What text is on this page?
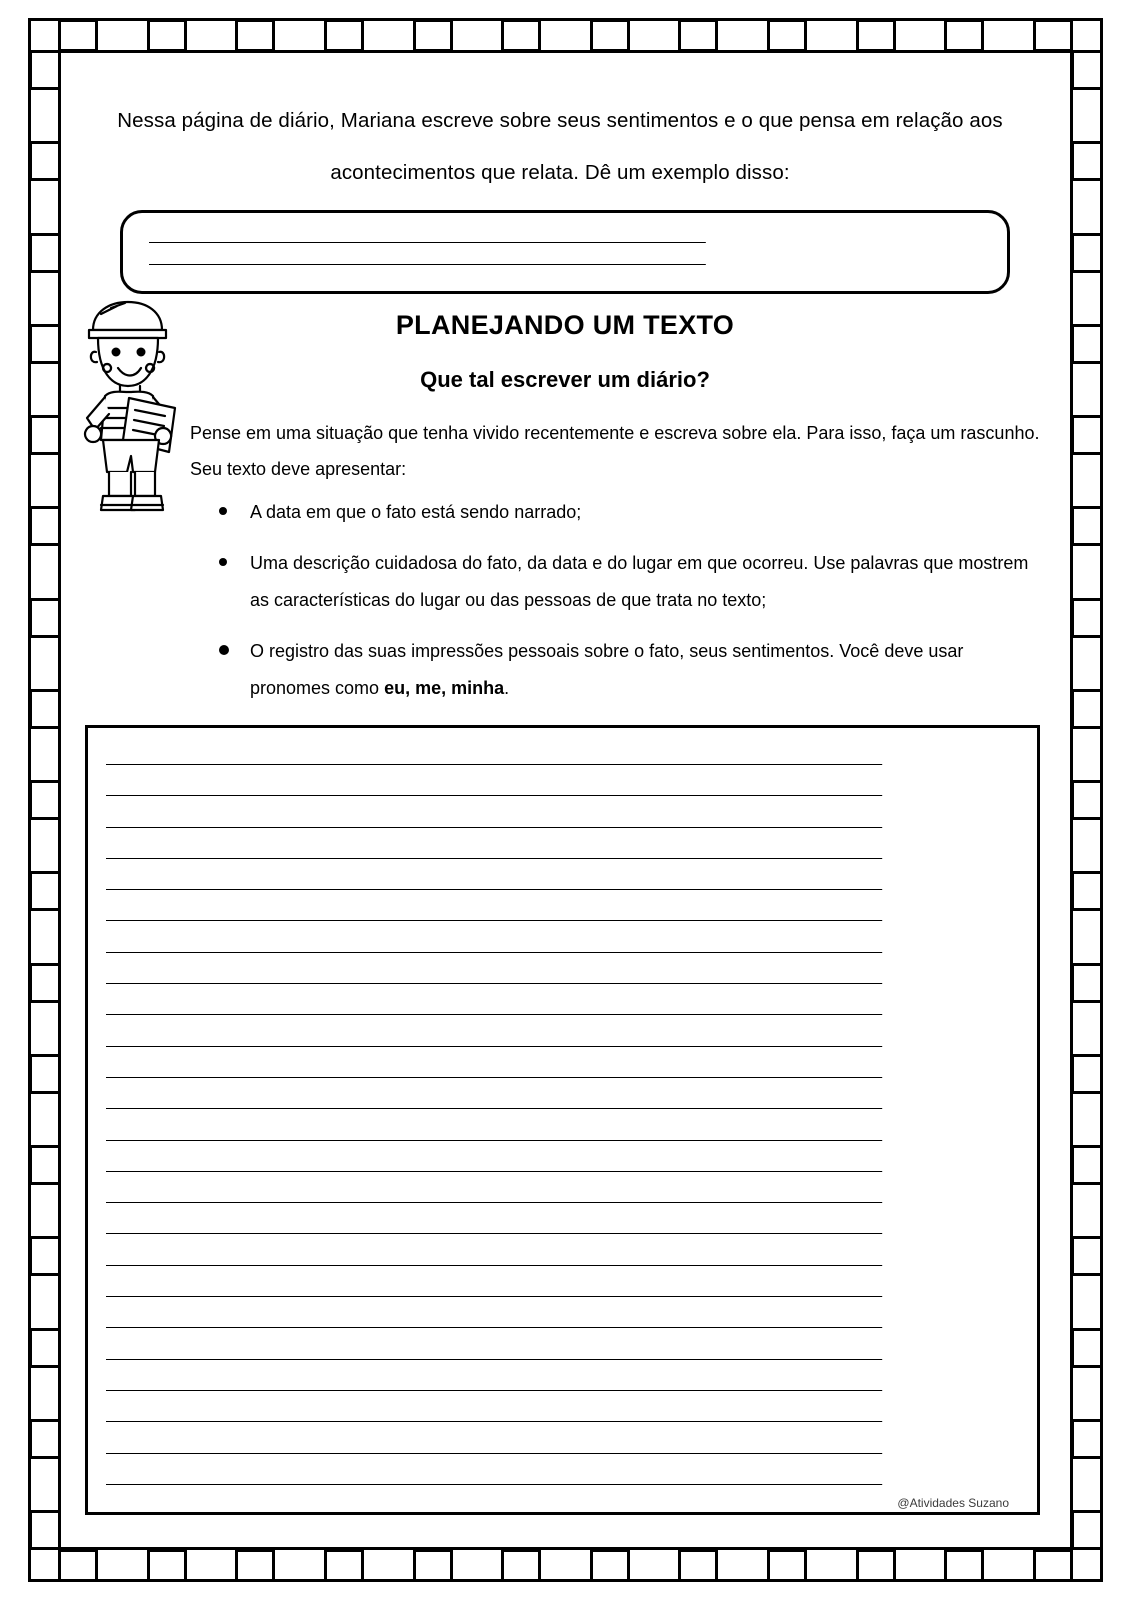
Nessa página de diário, Mariana escreve sobre seus sentimentos e o que pensa em relação aos acontecimentos que relata. Dê um exemplo disso:

___________________________________________________________________
___________________________________________________________________
PLANEJANDO UM TEXTO
Que tal escrever um diário?

Pense em uma situação que tenha vivido recentemente e escreva sobre ela. Para isso, faça um rascunho. Seu texto deve apresentar:

A data em que o fato está sendo narrado;
Uma descrição cuidadosa do fato, da data e do lugar em que ocorreu. Use palavras que mostrem as características do lugar ou das pessoas de que trata no texto;
O registro das suas impressões pessoais sobre o fato, seus sentimentos. Você deve usar pronomes como eu, me, minha.
______________________________________________________________________________________________
______________________________________________________________________________________________
______________________________________________________________________________________________
______________________________________________________________________________________________
______________________________________________________________________________________________
______________________________________________________________________________________________
______________________________________________________________________________________________
______________________________________________________________________________________________
______________________________________________________________________________________________
______________________________________________________________________________________________
______________________________________________________________________________________________
______________________________________________________________________________________________
______________________________________________________________________________________________
______________________________________________________________________________________________
______________________________________________________________________________________________
______________________________________________________________________________________________
______________________________________________________________________________________________
______________________________________________________________________________________________
______________________________________________________________________________________________
______________________________________________________________________________________________
______________________________________________________________________________________________
______________________________________________________________________________________________
______________________________________________________________________________________________
______________________________________________________________________________________________
@Atividades Suzano
